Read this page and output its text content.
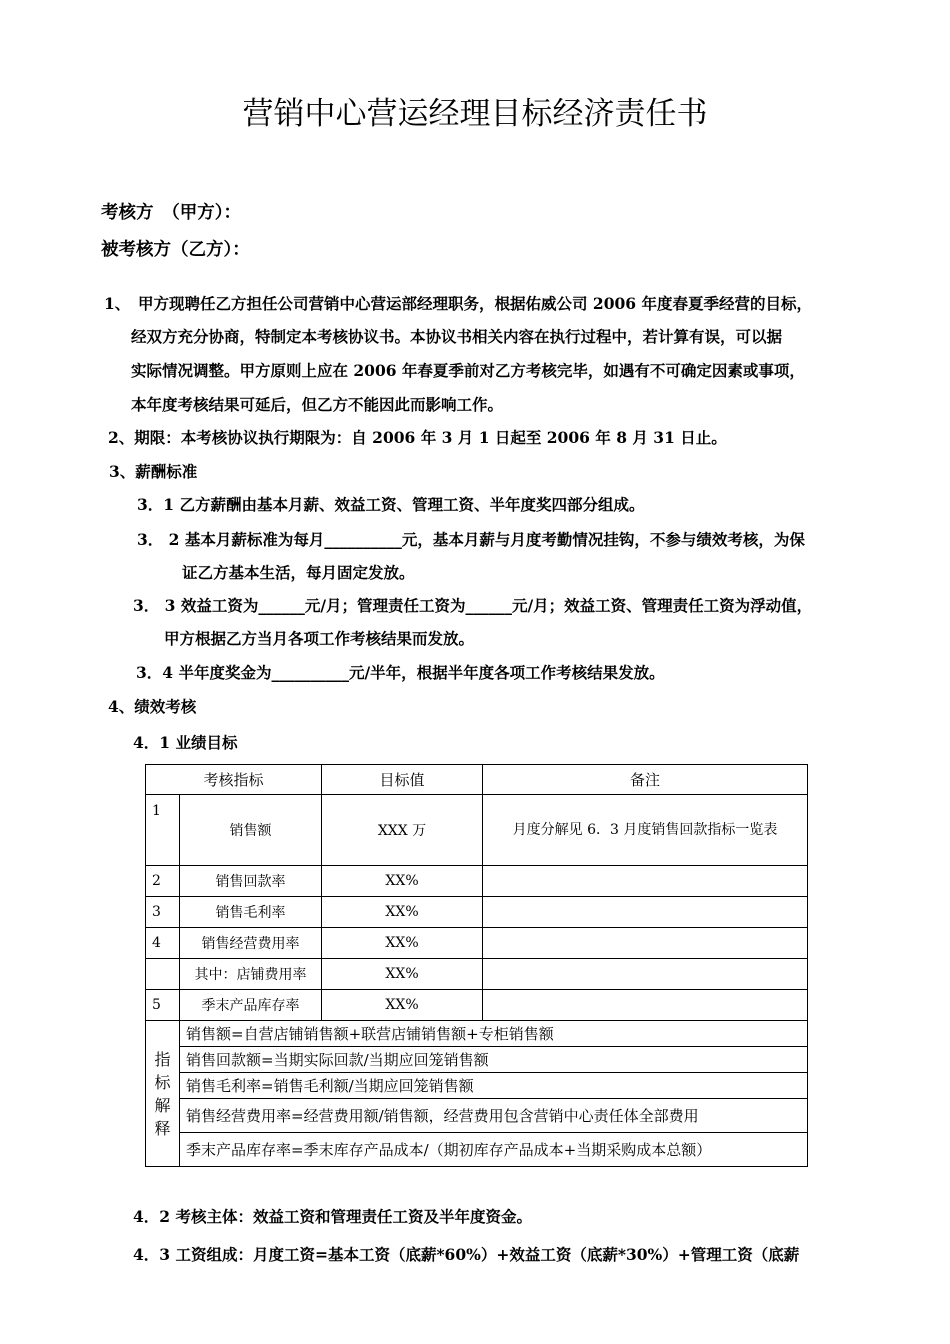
营销中心营运经理目标经济责任书
考核方　（甲方）：
被考核方（乙方）：
1、　甲方现聘任乙方担任公司营销中心营运部经理职务，根据佑威公司 2006 年度春夏季经营的目标，
经双方充分协商，特制定本考核协议书。本协议书相关内容在执行过程中，若计算有误，可以据
实际情况调整。甲方原则上应在 2006 年春夏季前对乙方考核完毕，如遇有不可确定因素或事项，
本年度考核结果可延后，但乙方不能因此而影响工作。
2、期限：本考核协议执行期限为：自 2006 年 3 月 1 日起至 2006 年 8 月 31 日止。
3、薪酬标准
3．1 乙方薪酬由基本月薪、效益工资、管理工资、半年度奖四部分组成。
3． 2 基本月薪标准为每月__________元，基本月薪与月度考勤情况挂钩，不参与绩效考核，为保
证乙方基本生活，每月固定发放。
3． 3 效益工资为______元/月；管理责任工资为______元/月；效益工资、管理责任工资为浮动值，
甲方根据乙方当月各项工作考核结果而发放。
3．4 半年度奖金为__________元/半年，根据半年度各项工作考核结果发放。
4、绩效考核
4．1 业绩目标
考核指标		目标值	备注
1	销售额	XXX 万	月度分解见 6．3 月度销售回款指标一览表
2	销售回款率	XX%	
3	销售毛利率	XX%	
4	销售经营费用率	XX%	
	其中：店铺费用率	XX%	
5	季末产品库存率	XX%	

指
标
解
释	销售额=自营店铺销售额+联营店铺销售额+专柜销售额		
	销售回款额=当期实际回款/当期应回笼销售额		
	销售毛利率=销售毛利额/当期应回笼销售额		
	销售经营费用率=经营费用额/销售额，经营费用包含营销中心责任体全部费用		
	季末产品库存率=季末库存产品成本/（期初库存产品成本+当期采购成本总额）		
4．2 考核主体：效益工资和管理责任工资及半年度资金。
4．3 工资组成：月度工资=基本工资（底薪*60%）+效益工资（底薪*30%）+管理工资（底薪
